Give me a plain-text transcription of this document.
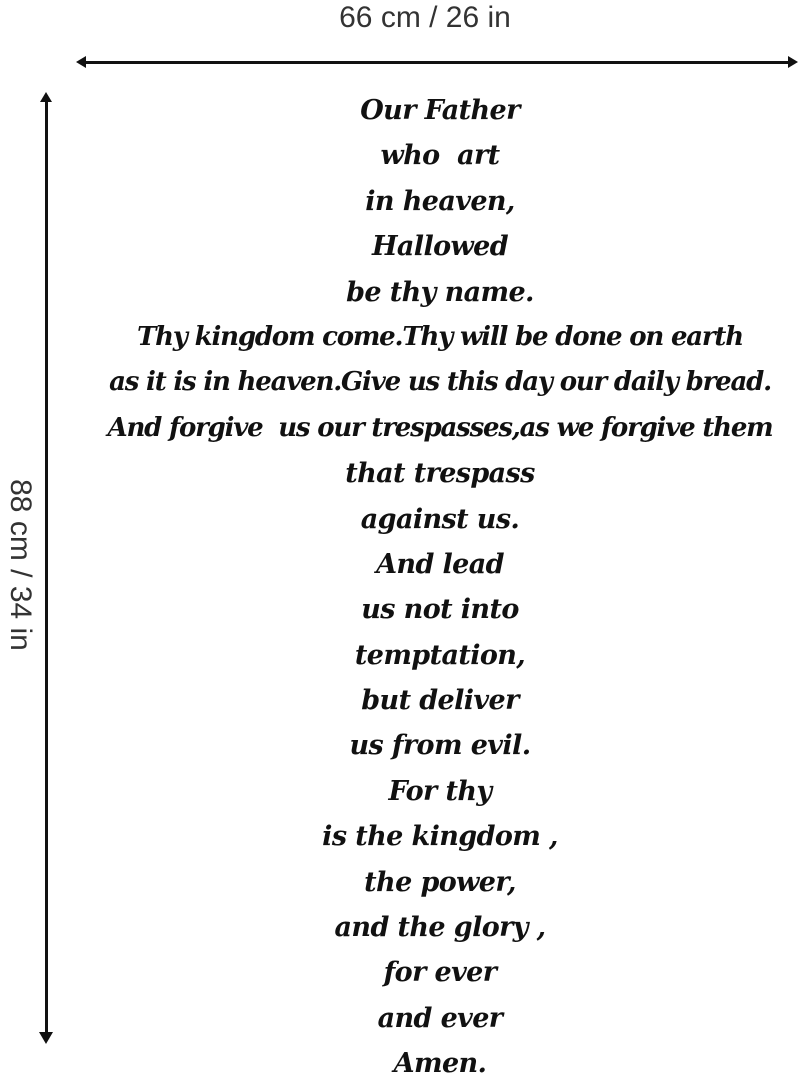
66 cm / 26 in
88 cm / 34 in
Our Father
who  art
in heaven,
Hallowed
be thy name.
Thy kingdom come.Thy will be done on earth
as it is in heaven.Give us this day our daily bread.
And forgive  us our trespasses,as we forgive them
that trespass
against us.
And lead
us not into
temptation,
but deliver
us from evil.
For thy
is the kingdom ,
the power,
and the glory ,
for ever
and ever
Amen.
